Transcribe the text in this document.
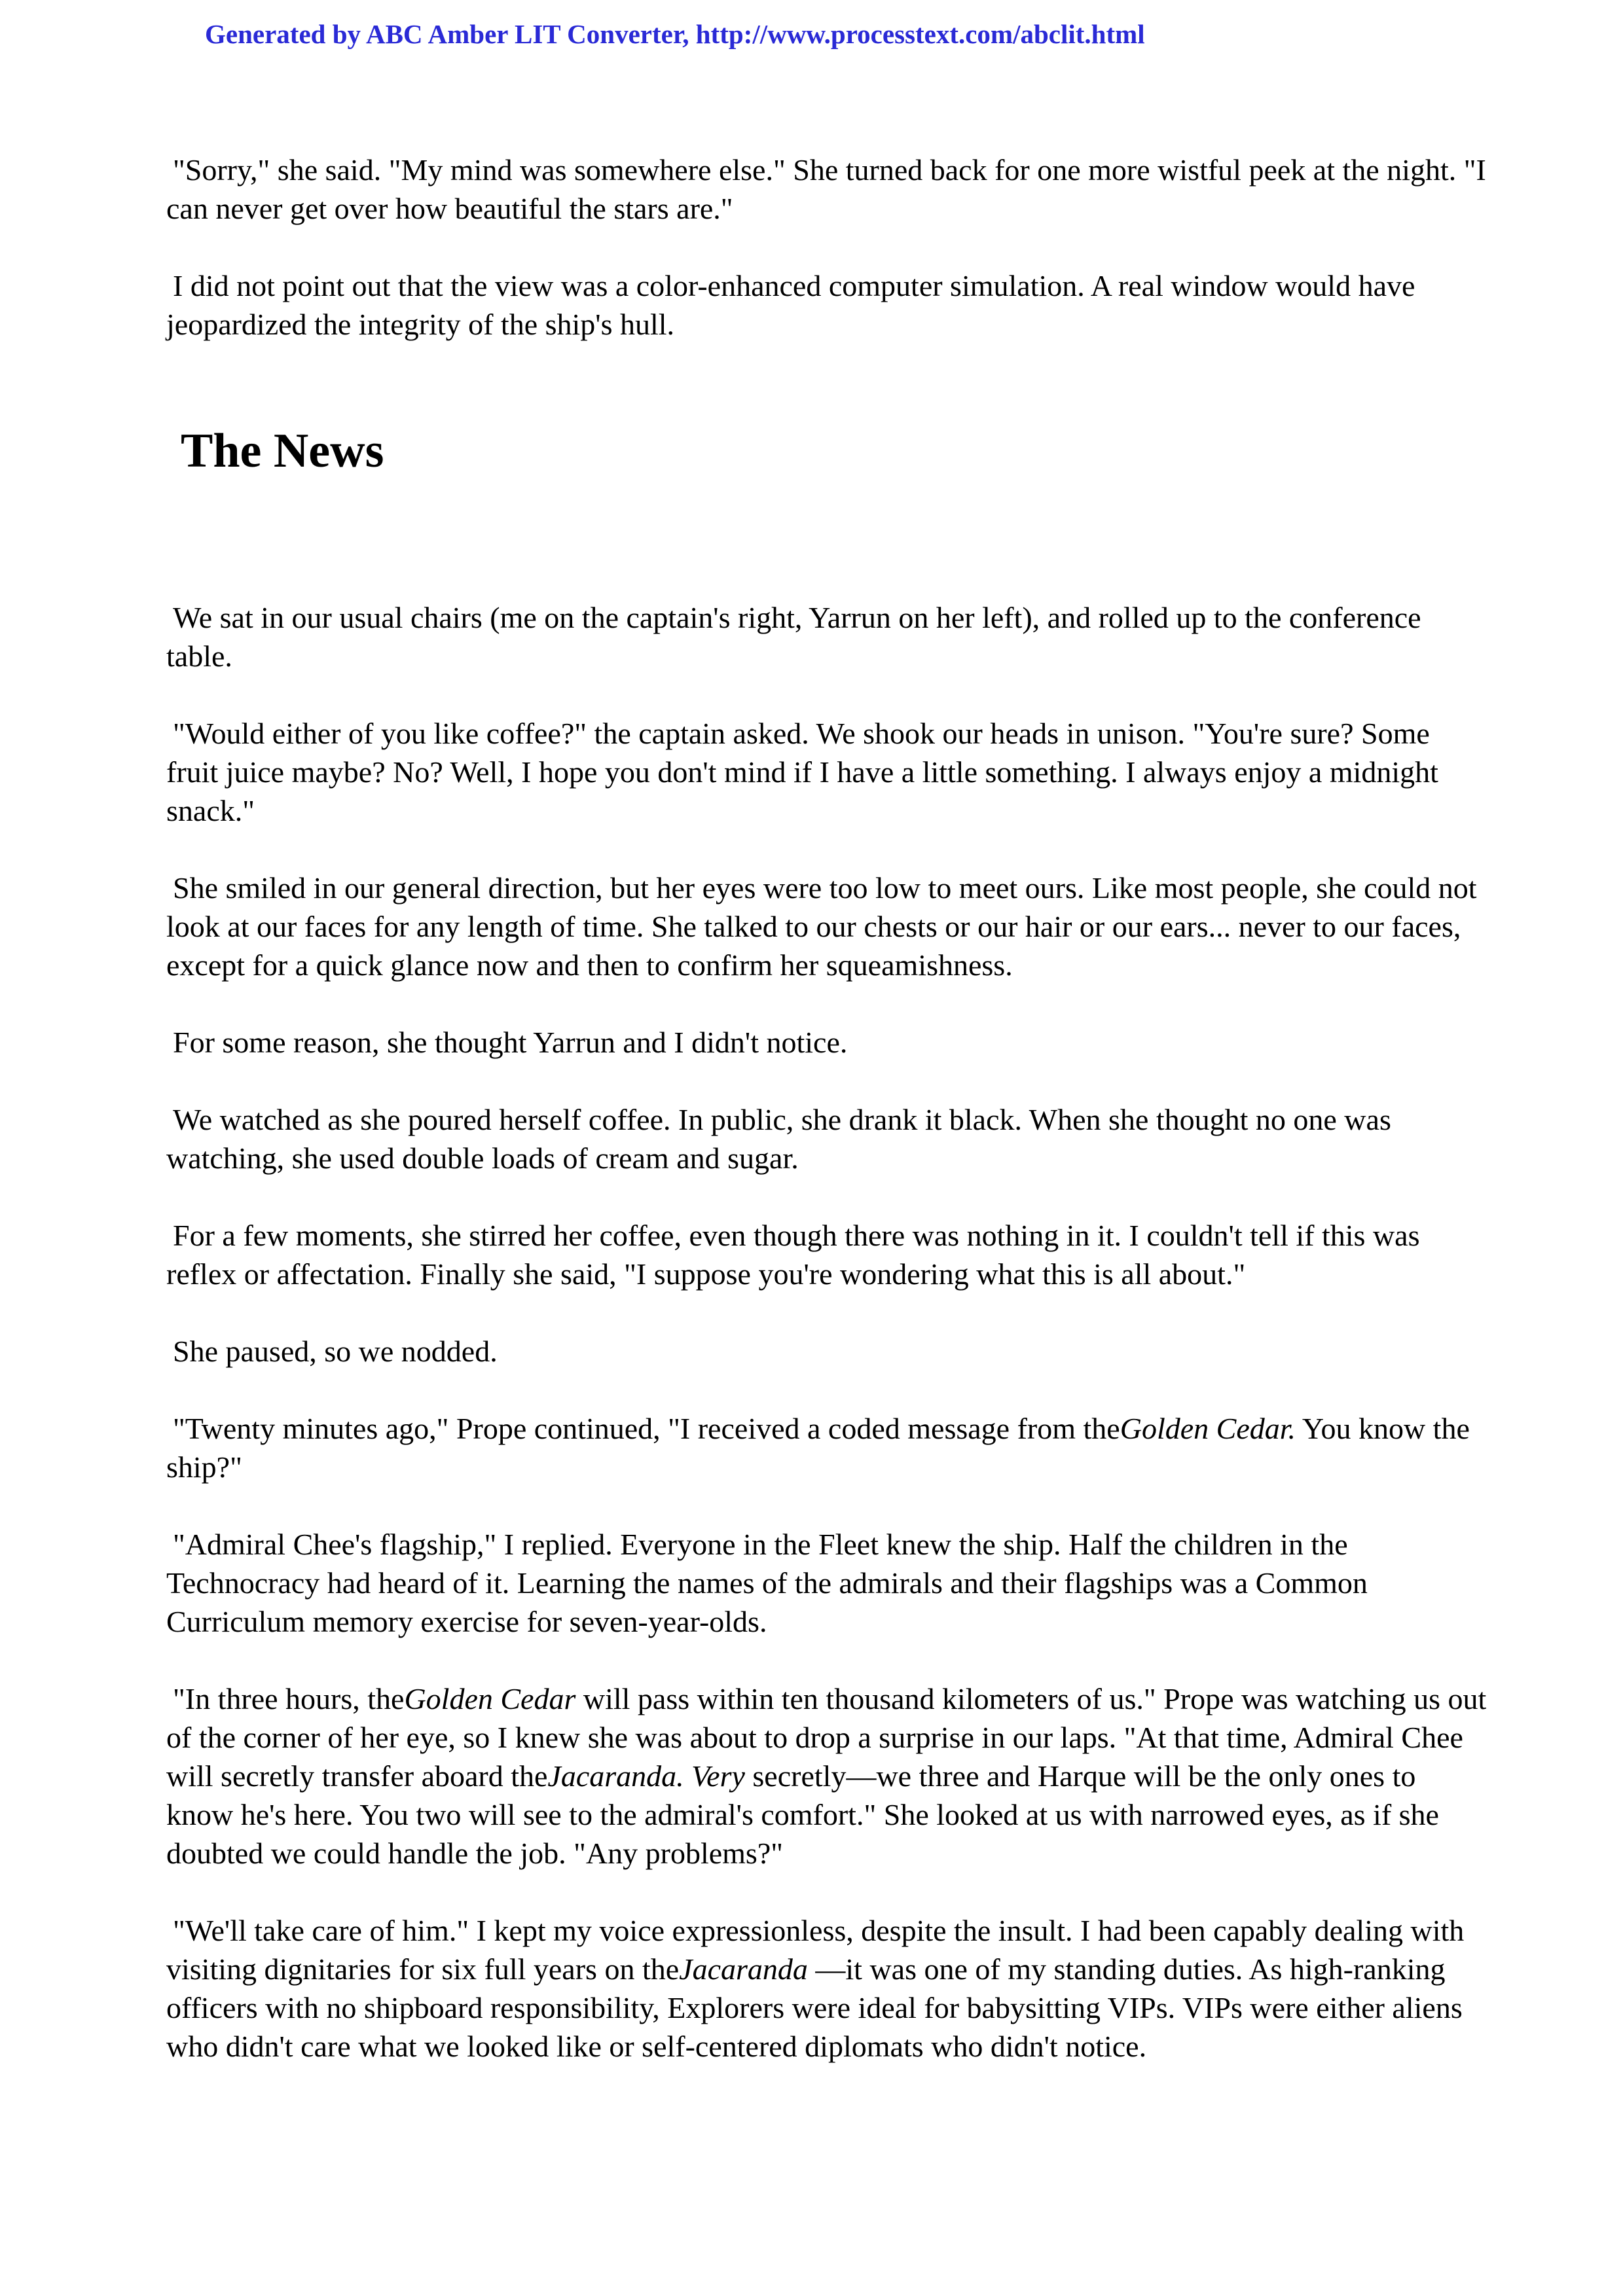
Generated by ABC Amber LIT Converter, http://www.processtext.com/abclit.html

"Sorry," she said. "My mind was somewhere else." She turned back for one more wistful peek at the night. "I can never get over how beautiful the stars are."

I did not point out that the view was a color-enhanced computer simulation. A real window would have jeopardized the integrity of the ship's hull.

The News

We sat in our usual chairs (me on the captain's right, Yarrun on her left), and rolled up to the conference table.

"Would either of you like coffee?" the captain asked. We shook our heads in unison. "You're sure? Some fruit juice maybe? No? Well, I hope you don't mind if I have a little something. I always enjoy a midnight snack."

She smiled in our general direction, but her eyes were too low to meet ours. Like most people, she could not look at our faces for any length of time. She talked to our chests or our hair or our ears... never to our faces, except for a quick glance now and then to confirm her squeamishness.

For some reason, she thought Yarrun and I didn't notice.

We watched as she poured herself coffee. In public, she drank it black. When she thought no one was watching, she used double loads of cream and sugar.

For a few moments, she stirred her coffee, even though there was nothing in it. I couldn't tell if this was reflex or affectation. Finally she said, "I suppose you're wondering what this is all about."

She paused, so we nodded.

"Twenty minutes ago," Prope continued, "I received a coded message from theGolden Cedar. You know the ship?"

"Admiral Chee's flagship," I replied. Everyone in the Fleet knew the ship. Half the children in the Technocracy had heard of it. Learning the names of the admirals and their flagships was a Common Curriculum memory exercise for seven-year-olds.

"In three hours, theGolden Cedar will pass within ten thousand kilometers of us." Prope was watching us out of the corner of her eye, so I knew she was about to drop a surprise in our laps. "At that time, Admiral Chee will secretly transfer aboard theJacaranda. Very secretly—we three and Harque will be the only ones to know he's here. You two will see to the admiral's comfort." She looked at us with narrowed eyes, as if she doubted we could handle the job. "Any problems?"

"We'll take care of him." I kept my voice expressionless, despite the insult. I had been capably dealing with visiting dignitaries for six full years on theJacaranda —it was one of my standing duties. As high-ranking officers with no shipboard responsibility, Explorers were ideal for babysitting VIPs. VIPs were either aliens who didn't care what we looked like or self-centered diplomats who didn't notice.
